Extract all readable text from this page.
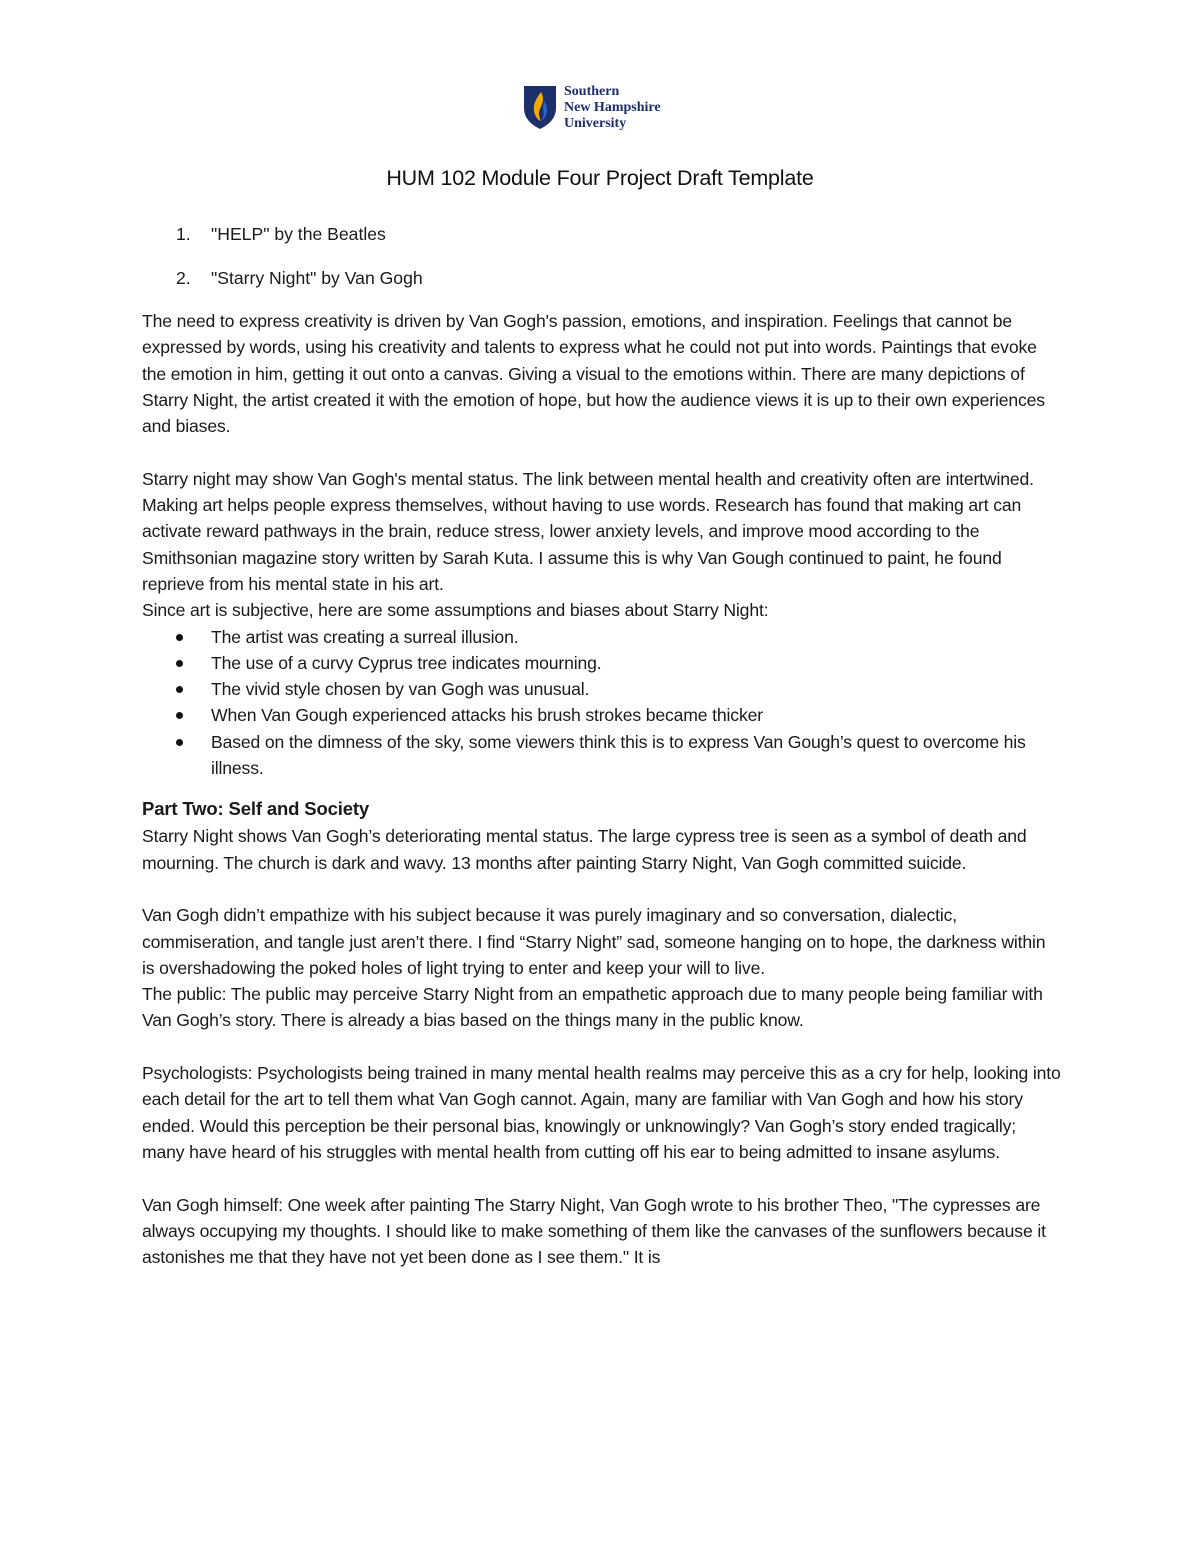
Southern
New Hampshire
University
HUM 102 Module Four Project Draft Template
1. "HELP" by the Beatles
2. "Starry Night" by Van Gogh

The need to express creativity is driven by Van Gogh's passion, emotions, and inspiration. Feelings that cannot be expressed by words, using his creativity and talents to express what he could not put into words. Paintings that evoke the emotion in him, getting it out onto a canvas. Giving a visual to the emotions within. There are many depictions of Starry Night, the artist created it with the emotion of hope, but how the audience views it is up to their own experiences and biases.

Starry night may show Van Gogh's mental status. The link between mental health and creativity often are intertwined. Making art helps people express themselves, without having to use words. Research has found that making art can activate reward pathways in the brain, reduce stress, lower anxiety levels, and improve mood according to the Smithsonian magazine story written by Sarah Kuta. I assume this is why Van Gough continued to paint, he found reprieve from his mental state in his art.

Since art is subjective, here are some assumptions and biases about Starry Night:

The artist was creating a surreal illusion.
The use of a curvy Cyprus tree indicates mourning.
The vivid style chosen by van Gogh was unusual.
When Van Gough experienced attacks his brush strokes became thicker
Based on the dimness of the sky, some viewers think this is to express Van Gough’s quest to overcome his illness.

Part Two: Self and Society

Starry Night shows Van Gogh’s deteriorating mental status. The large cypress tree is seen as a symbol of death and mourning. The church is dark and wavy. 13 months after painting Starry Night, Van Gogh committed suicide.

Van Gogh didn’t empathize with his subject because it was purely imaginary and so conversation, dialectic, commiseration, and tangle just aren’t there. I find “Starry Night” sad, someone hanging on to hope, the darkness within is overshadowing the poked holes of light trying to enter and keep your will to live.

The public: The public may perceive Starry Night from an empathetic approach due to many people being familiar with Van Gogh’s story. There is already a bias based on the things many in the public know.

Psychologists: Psychologists being trained in many mental health realms may perceive this as a cry for help, looking into each detail for the art to tell them what Van Gogh cannot. Again, many are familiar with Van Gogh and how his story ended. Would this perception be their personal bias, knowingly or unknowingly? Van Gogh’s story ended tragically; many have heard of his struggles with mental health from cutting off his ear to being admitted to insane asylums.

Van Gogh himself: One week after painting The Starry Night, Van Gogh wrote to his brother Theo, "The cypresses are always occupying my thoughts. I should like to make something of them like the canvases of the sunflowers because it astonishes me that they have not yet been done as I see them." It is
